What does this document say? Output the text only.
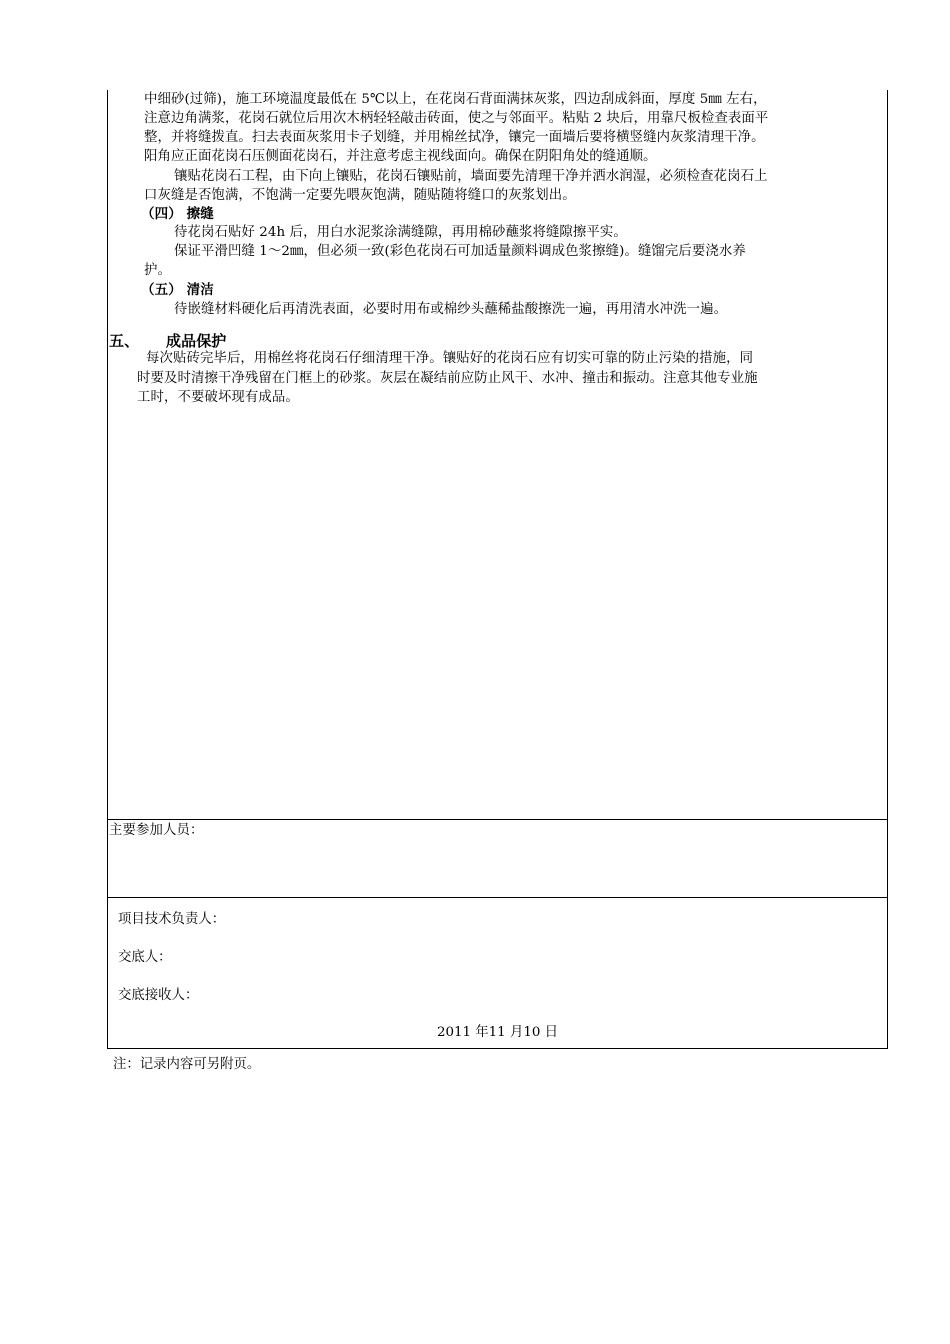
中细砂(过筛)，施工环境温度最低在 5℃以上，在花岗石背面满抹灰浆，四边刮成斜面，厚度 5㎜ 左右，
注意边角满浆，花岗石就位后用次木柄轻轻敲击砖面，使之与邻面平。粘贴 2 块后，用靠尺板检查表面平
整，并将缝拨直。扫去表面灰浆用卡子划缝，并用棉丝拭净，镶完一面墙后要将横竖缝内灰浆清理干净。
阳角应正面花岗石压侧面花岗石，并注意考虑主视线面向。确保在阴阳角处的缝通顺。
镶贴花岗石工程，由下向上镶贴，花岗石镶贴前，墙面要先清理干净并洒水润湿，必须检查花岗石上
口灰缝是否饱满，不饱满一定要先喂灰饱满，随贴随将缝口的灰浆划出。
（四） 擦缝
待花岗石贴好 24h 后，用白水泥浆涂满缝隙，再用棉砂蘸浆将缝隙擦平实。
保证平滑凹缝 1～2㎜，但必须一致(彩色花岗石可加适量颜料调成色浆擦缝)。缝馏完后要浇水养
护。
（五） 清洁
待嵌缝材料硬化后再清洗表面，必要时用布或棉纱头蘸稀盐酸擦洗一遍，再用清水冲洗一遍。
五、 成品保护
每次贴砖完毕后，用棉丝将花岗石仔细清理干净。镶贴好的花岗石应有切实可靠的防止污染的措施，同
时要及时清擦干净残留在门框上的砂浆。灰层在凝结前应防止风干、水冲、撞击和振动。注意其他专业施
工时，不要破坏现有成品。
主要参加人员：
项目技术负责人：
交底人：
交底接收人：
2011 年11 月10 日
注：记录内容可另附页。
